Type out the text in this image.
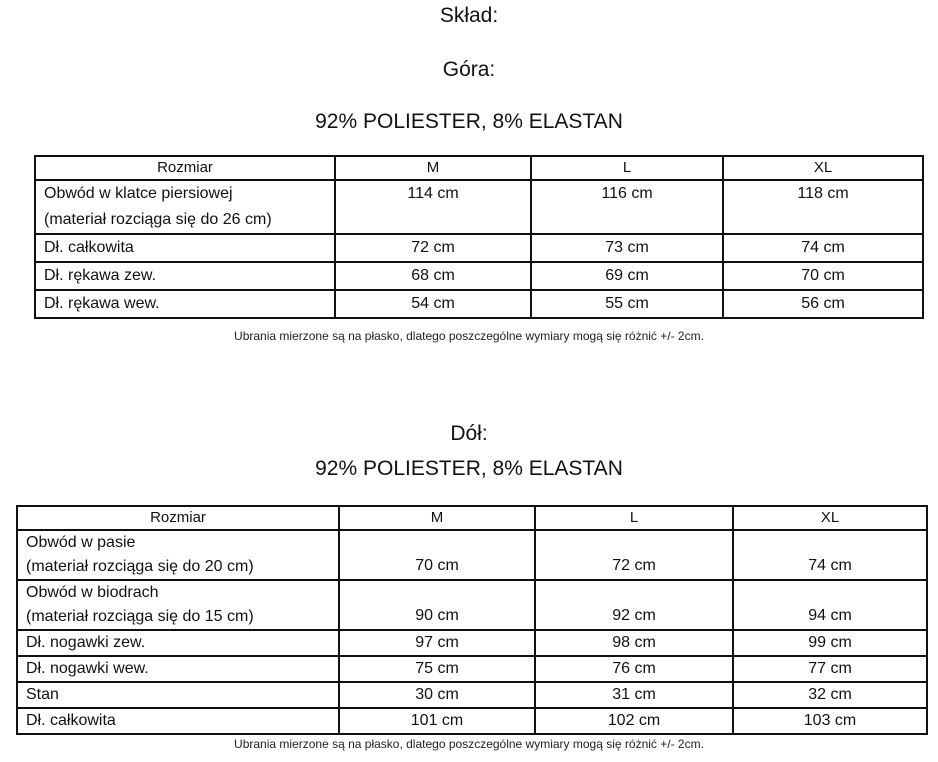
Skład:
Góra:
92% POLIESTER, 8% ELASTAN
Rozmiar	M	L	XL

Obwód w klatce piersiowej
(materiał rozciąga się do 26 cm)	114 cm	116 cm	118 cm
Dł. całkowita	72 cm	73 cm	74 cm
Dł. rękawa zew.	68 cm	69 cm	70 cm
Dł. rękawa wew.	54 cm	55 cm	56 cm
Ubrania mierzone są na płasko, dlatego poszczególne wymiary mogą się różnić +/- 2cm.
Dół:
92% POLIESTER, 8% ELASTAN
Rozmiar	M	L	XL

Obwód w pasie
(materiał rozciąga się do 20 cm)	70 cm	72 cm	74 cm

Obwód w biodrach
(materiał rozciąga się do 15 cm)	90 cm	92 cm	94 cm
Dł. nogawki zew.	97 cm	98 cm	99 cm
Dł. nogawki wew.	75 cm	76 cm	77 cm
Stan	30 cm	31 cm	32 cm
Dł. całkowita	101 cm	102 cm	103 cm
Ubrania mierzone są na płasko, dlatego poszczególne wymiary mogą się różnić +/- 2cm.
